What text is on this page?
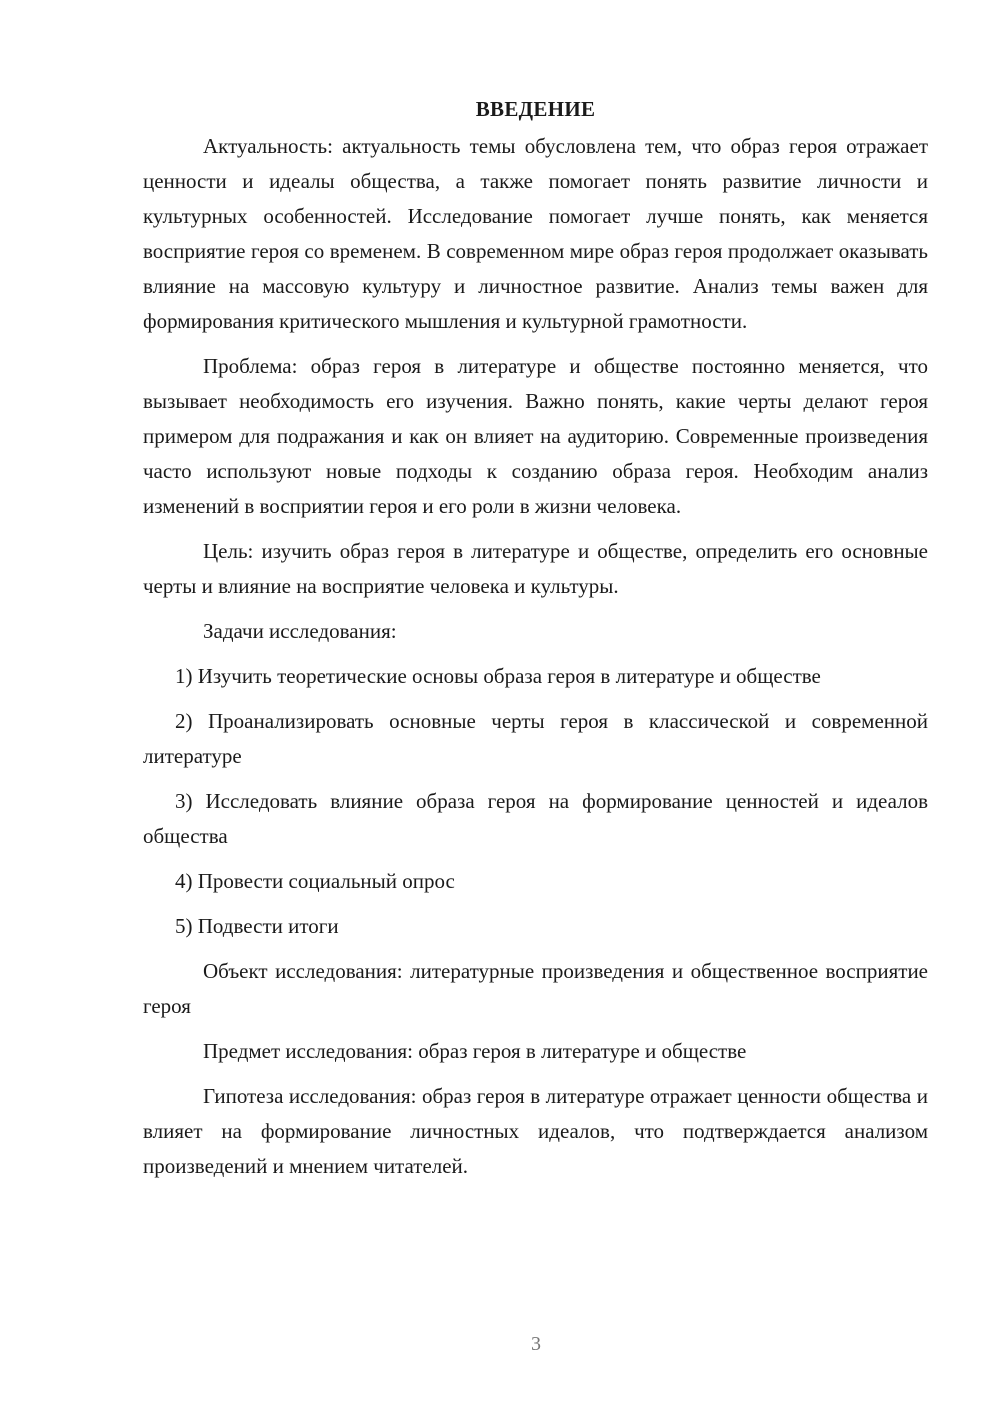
ВВЕДЕНИЕ

Актуальность: актуальность темы обусловлена тем, что образ героя отражает ценности и идеалы общества, а также помогает понять развитие личности и культурных особенностей. Исследование помогает лучше понять, как меняется восприятие героя со временем. В современном мире образ героя продолжает оказывать влияние на массовую культуру и личностное развитие. Анализ темы важен для формирования критического мышления и культурной грамотности.

Проблема: образ героя в литературе и обществе постоянно меняется, что вызывает необходимость его изучения. Важно понять, какие черты делают героя примером для подражания и как он влияет на аудиторию. Современные произведения часто используют новые подходы к созданию образа героя. Необходим анализ изменений в восприятии героя и его роли в жизни человека.

Цель: изучить образ героя в литературе и обществе, определить его основные черты и влияние на восприятие человека и культуры.

Задачи исследования:

1) Изучить теоретические основы образа героя в литературе и обществе

2) Проанализировать основные черты героя в классической и современной литературе

3) Исследовать влияние образа героя на формирование ценностей и идеалов общества

4) Провести социальный опрос

5) Подвести итоги

Объект исследования: литературные произведения и общественное восприятие героя

Предмет исследования: образ героя в литературе и обществе

Гипотеза исследования: образ героя в литературе отражает ценности общества и влияет на формирование личностных идеалов, что подтверждается анализом произведений и мнением читателей.

3
